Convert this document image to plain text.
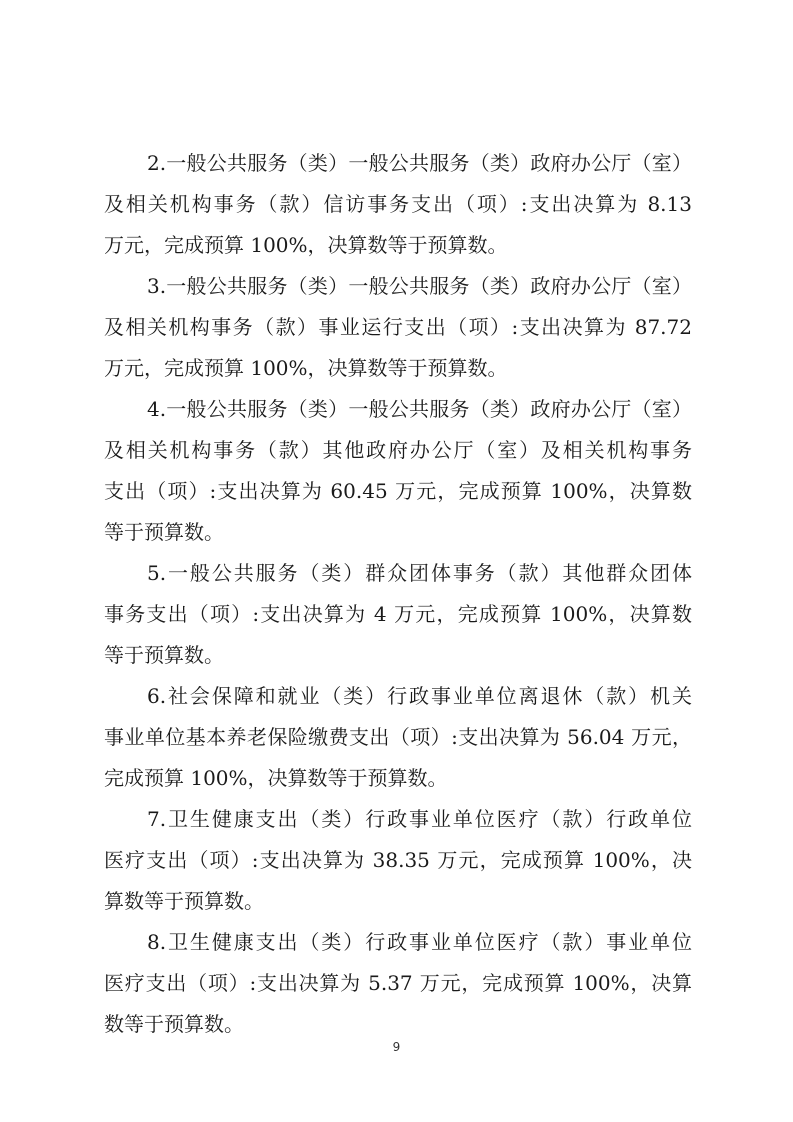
2.一般公共服务（类）一般公共服务（类）政府办公厅（室）
及相关机构事务（款）信访事务支出（项）:支出决算为 8.13
万元，完成预算 100%，决算数等于预算数。
3.一般公共服务（类）一般公共服务（类）政府办公厅（室）
及相关机构事务（款）事业运行支出（项）:支出决算为 87.72
万元，完成预算 100%，决算数等于预算数。
4.一般公共服务（类）一般公共服务（类）政府办公厅（室）
及相关机构事务（款）其他政府办公厅（室）及相关机构事务
支出（项）:支出决算为 60.45 万元，完成预算 100%，决算数
等于预算数。
5.一般公共服务（类）群众团体事务（款）其他群众团体
事务支出（项）:支出决算为 4 万元，完成预算 100%，决算数
等于预算数。
6.社会保障和就业（类）行政事业单位离退休（款）机关
事业单位基本养老保险缴费支出（项）:支出决算为 56.04 万元，
完成预算 100%，决算数等于预算数。
7.卫生健康支出（类）行政事业单位医疗（款）行政单位
医疗支出（项）:支出决算为 38.35 万元，完成预算 100%，决
算数等于预算数。
8.卫生健康支出（类）行政事业单位医疗（款）事业单位
医疗支出（项）:支出决算为 5.37 万元，完成预算 100%，决算
数等于预算数。
9
